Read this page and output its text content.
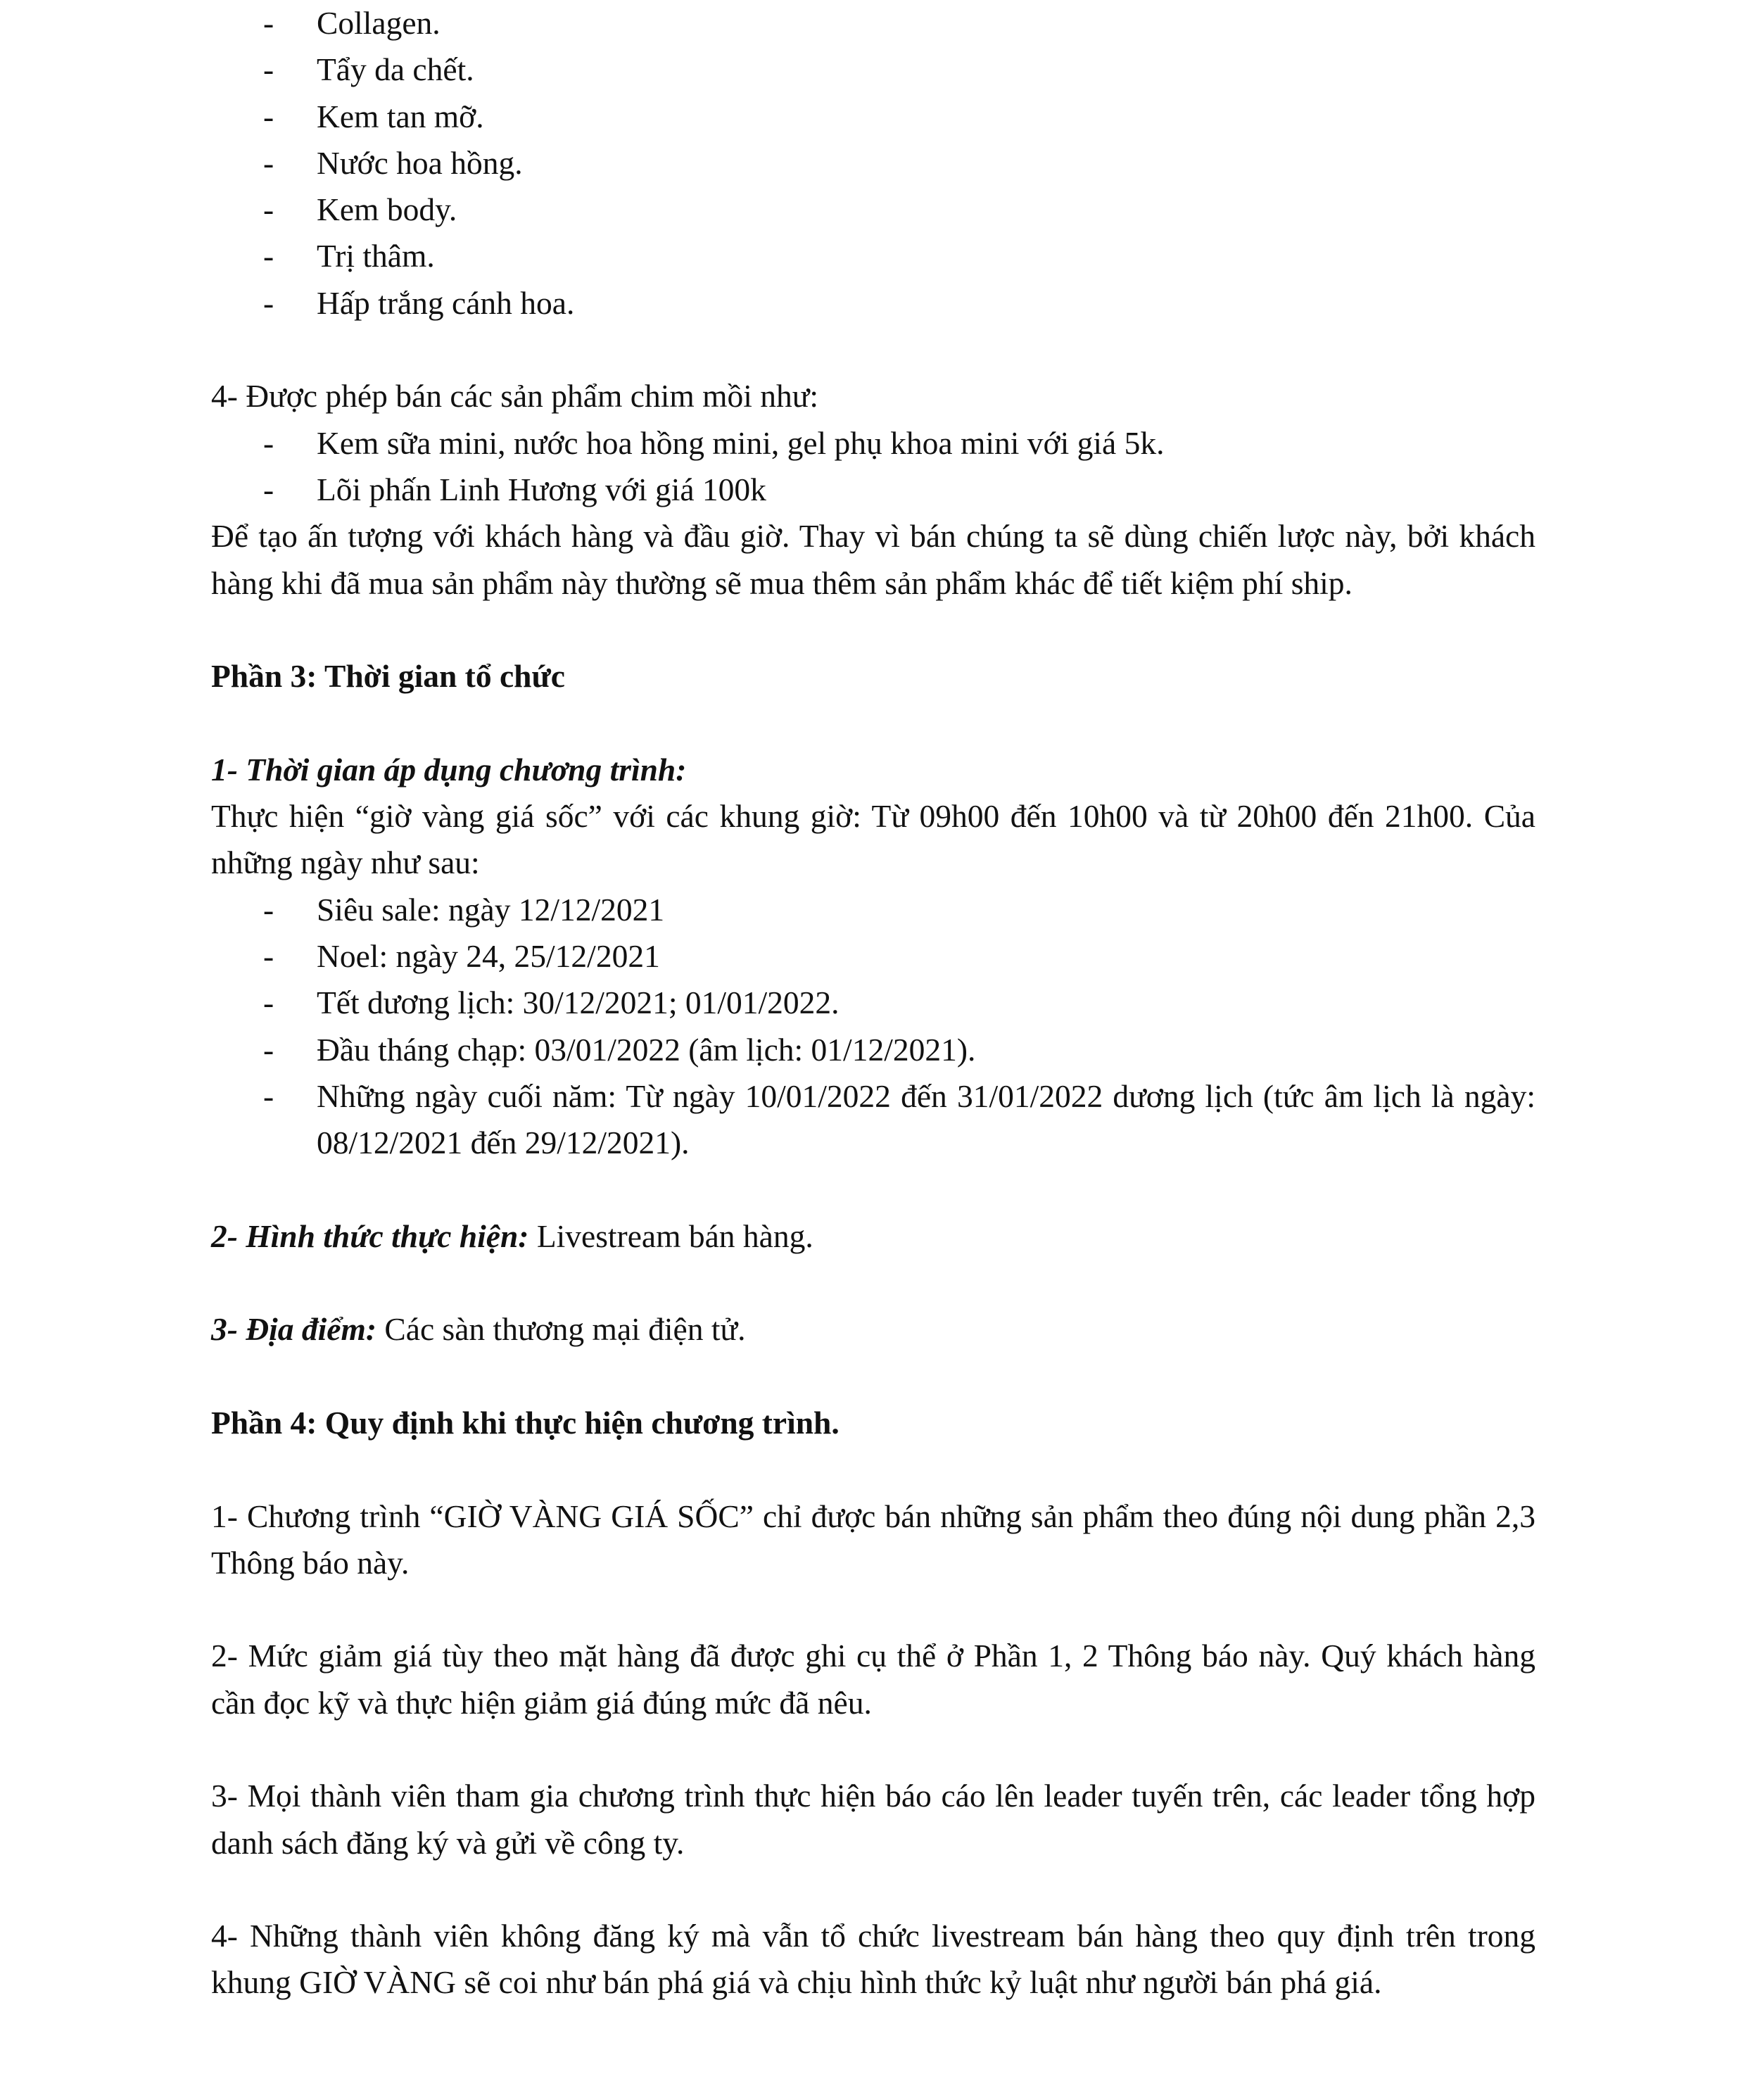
- Collagen.

- Tẩy da chết.

- Kem tan mỡ.

- Nước hoa hồng.

- Kem body.

- Trị thâm.

- Hấp trắng cánh hoa.

4- Được phép bán các sản phẩm chim mồi như:

- Kem sữa mini, nước hoa hồng mini, gel phụ khoa mini với giá 5k.

- Lõi phấn Linh Hương với giá 100k

Để tạo ấn tượng với khách hàng và đầu giờ. Thay vì bán chúng ta sẽ dùng chiến lược này, bởi khách hàng khi đã mua sản phẩm này thường sẽ mua thêm sản phẩm khác để tiết kiệm phí ship.

Phần 3: Thời gian tổ chức

1- Thời gian áp dụng chương trình:

Thực hiện “giờ vàng giá sốc” với các khung giờ: Từ 09h00 đến 10h00 và từ 20h00 đến 21h00. Của những ngày như sau:

- Siêu sale: ngày 12/12/2021

- Noel: ngày 24, 25/12/2021

- Tết dương lịch: 30/12/2021; 01/01/2022.

- Đầu tháng chạp: 03/01/2022 (âm lịch: 01/12/2021).

- Những ngày cuối năm: Từ ngày 10/01/2022 đến 31/01/2022 dương lịch (tức âm lịch là ngày: 08/12/2021 đến 29/12/2021).

2- Hình thức thực hiện: Livestream bán hàng.

3- Địa điểm: Các sàn thương mại điện tử.

Phần 4: Quy định khi thực hiện chương trình.

1- Chương trình “GIỜ VÀNG GIÁ SỐC” chỉ được bán những sản phẩm theo đúng nội dung phần 2,3 Thông báo này.

2- Mức giảm giá tùy theo mặt hàng đã được ghi cụ thể ở Phần 1, 2 Thông báo này. Quý khách hàng cần đọc kỹ và thực hiện giảm giá đúng mức đã nêu.

3- Mọi thành viên tham gia chương trình thực hiện báo cáo lên leader tuyến trên, các leader tổng hợp danh sách đăng ký và gửi về công ty.

4- Những thành viên không đăng ký mà vẫn tổ chức livestream bán hàng theo quy định trên trong khung GIỜ VÀNG sẽ coi như bán phá giá và chịu hình thức kỷ luật như người bán phá giá.
